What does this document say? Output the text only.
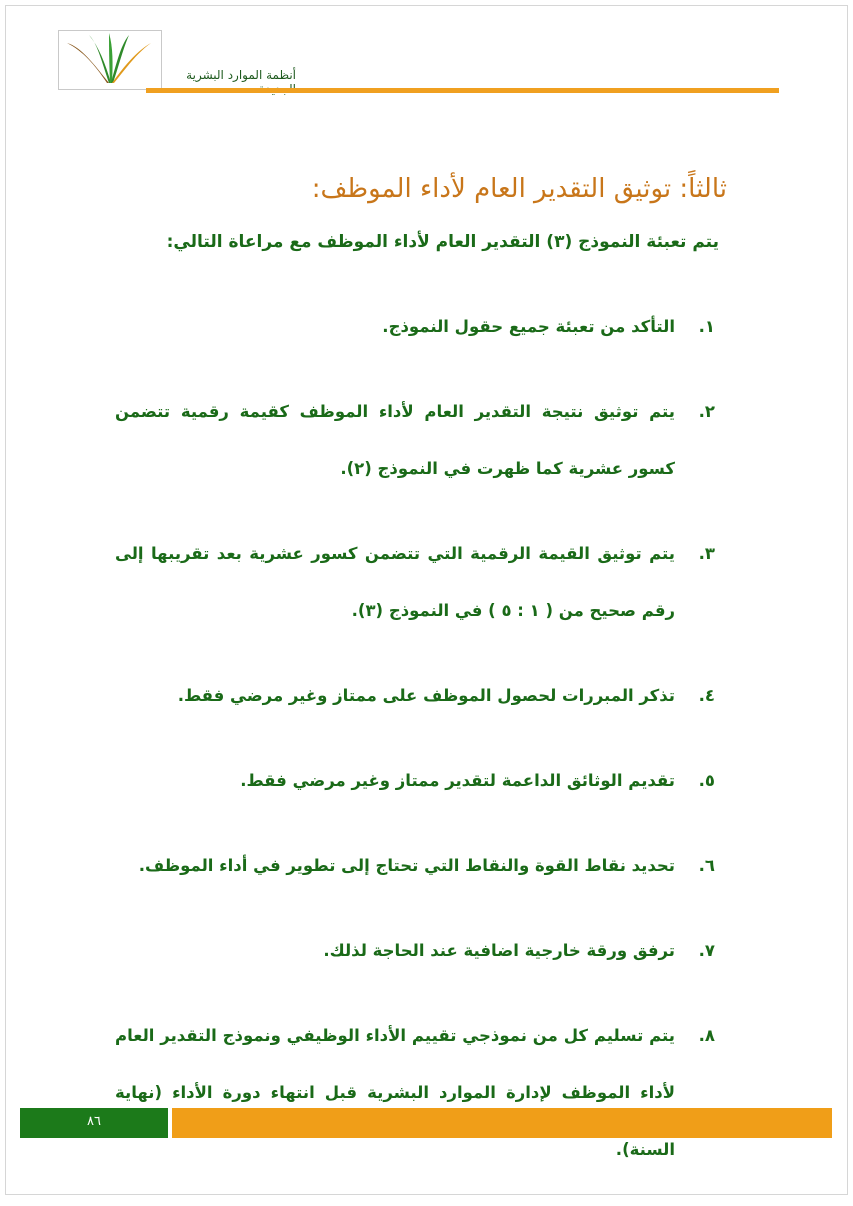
أنظمة الموارد البشرية
ثالثاً: توثيق التقدير العام لأداء الموظف:
يتم تعبئة النموذج (٣) التقدير العام لأداء الموظف مع مراعاة التالي:
١.
التأكد من تعبئة جميع حقول النموذج.
٢.
يتم توثيق نتيجة التقدير العام لأداء الموظف كقيمة رقمية تتضمن كسور عشرية كما ظهرت في النموذج (٢).
٣.
يتم توثيق القيمة الرقمية التي تتضمن كسور عشرية بعد تقريبها إلى رقم صحيح من ( ١ : ٥ ) في النموذج (٣).
٤.
تذكر المبررات لحصول الموظف على ممتاز وغير مرضي فقط.
٥.
تقديم الوثائق الداعمة لتقدير ممتاز وغير مرضي فقط.
٦.
تحديد نقاط القوة والنقاط التي تحتاج إلى تطوير في أداء الموظف.
٧.
ترفق ورقة خارجية اضافية عند الحاجة لذلك.
٨.
يتم تسليم كل من نموذجي تقييم الأداء الوظيفي ونموذج التقدير العام لأداء الموظف لإدارة الموارد البشرية قبل انتهاء دورة الأداء (نهاية السنة).
٨٦
